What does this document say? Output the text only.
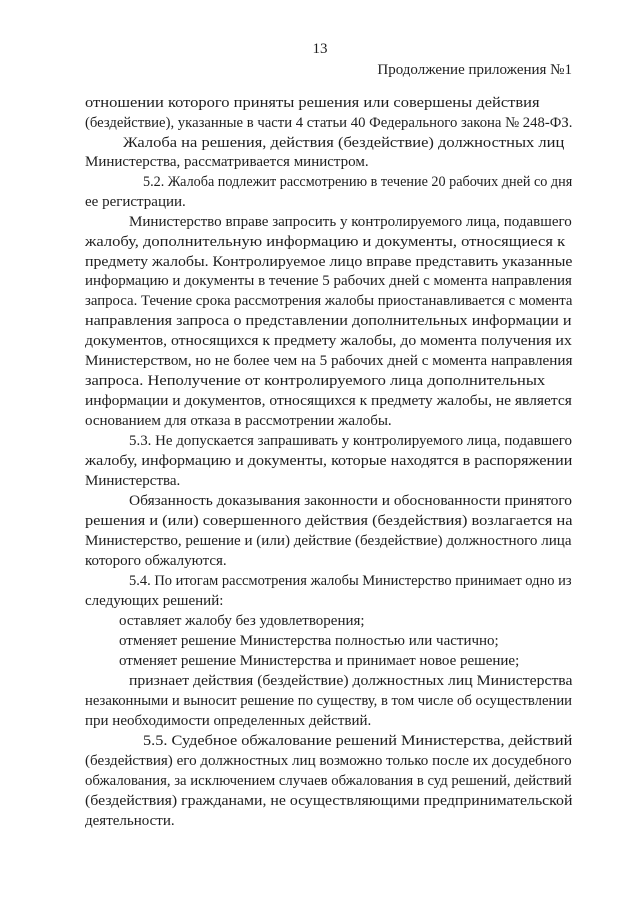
13
Продолжение приложения №1
отношении которого приняты решения или совершены действия
(бездействие), указанные в части 4 статьи 40 Федерального закона № 248-ФЗ.
Жалоба на решения, действия (бездействие) должностных лиц
Министерства, рассматривается министром.
5.2. Жалоба подлежит рассмотрению в течение 20 рабочих дней со дня
ее регистрации.
Министерство вправе запросить у контролируемого лица, подавшего
жалобу, дополнительную информацию и документы, относящиеся к
предмету жалобы. Контролируемое лицо вправе представить указанные
информацию и документы в течение 5 рабочих дней с момента направления
запроса. Течение срока рассмотрения жалобы приостанавливается с момента
направления запроса о представлении дополнительных информации и
документов, относящихся к предмету жалобы, до момента получения их
Министерством, но не более чем на 5 рабочих дней с момента направления
запроса. Неполучение от контролируемого лица дополнительных
информации и документов, относящихся к предмету жалобы, не является
основанием для отказа в рассмотрении жалобы.
5.3. Не допускается запрашивать у контролируемого лица, подавшего
жалобу, информацию и документы, которые находятся в распоряжении
Министерства.
Обязанность доказывания законности и обоснованности принятого
решения и (или) совершенного действия (бездействия) возлагается на
Министерство, решение и (или) действие (бездействие) должностного лица
которого обжалуются.
5.4. По итогам рассмотрения жалобы Министерство принимает одно из
следующих решений:
оставляет жалобу без удовлетворения;
отменяет решение Министерства полностью или частично;
отменяет решение Министерства и принимает новое решение;
признает действия (бездействие) должностных лиц Министерства
незаконными и выносит решение по существу, в том числе об осуществлении
при необходимости определенных действий.
5.5. Судебное обжалование решений Министерства, действий
(бездействия) его должностных лиц возможно только после их досудебного
обжалования, за исключением случаев обжалования в суд решений, действий
(бездействия) гражданами, не осуществляющими предпринимательской
деятельности.
